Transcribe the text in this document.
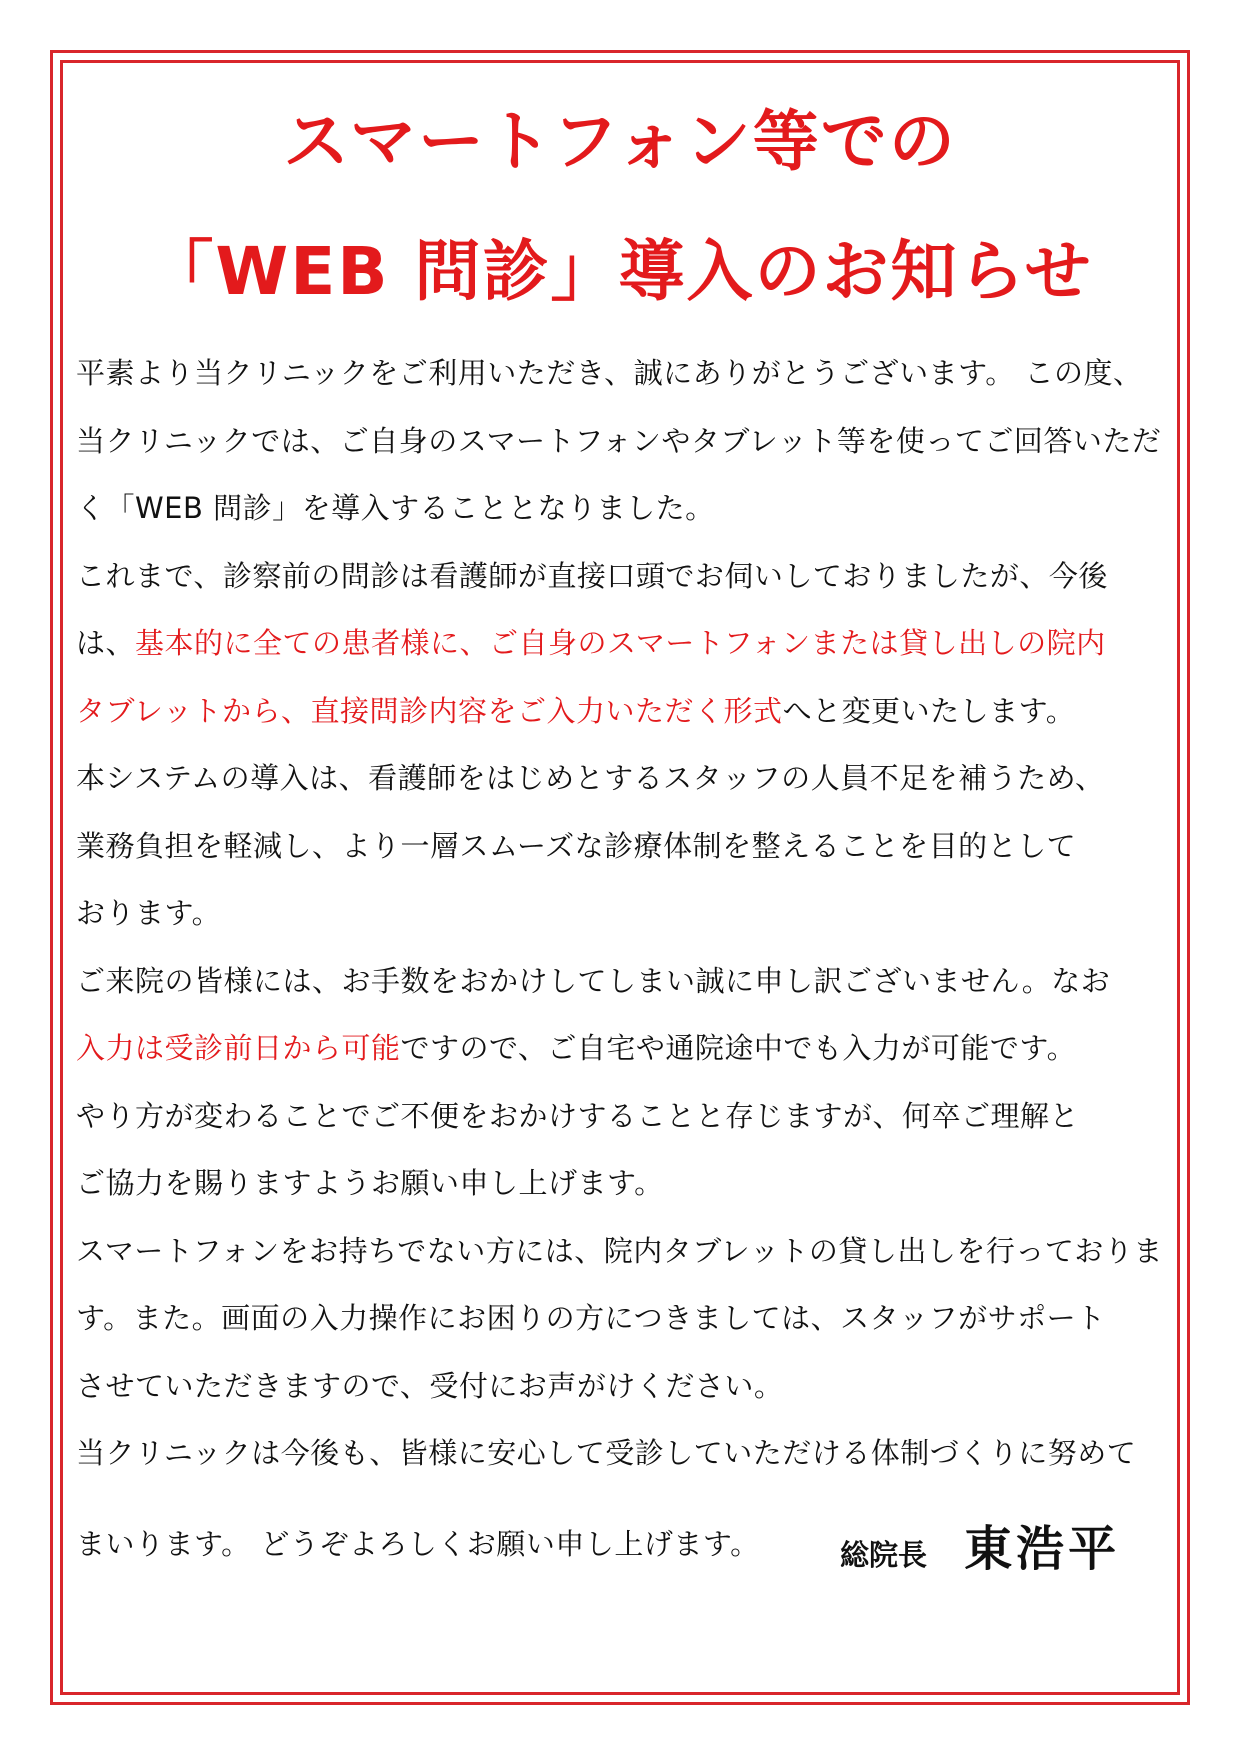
スマートフォン等での
「WEB 問診」導入のお知らせ
平素より当クリニックをご利用いただき、誠にありがとうございます。 この度、
当クリニックでは、ご自身のスマートフォンやタブレット等を使ってご回答いただ
く「WEB 問診」を導入することとなりました。
これまで、診察前の問診は看護師が直接口頭でお伺いしておりましたが、今後
は、基本的に全ての患者様に、ご自身のスマートフォンまたは貸し出しの院内
タブレットから、直接問診内容をご入力いただく形式へと変更いたします。
本システムの導入は、看護師をはじめとするスタッフの人員不足を補うため、
業務負担を軽減し、より一層スムーズな診療体制を整えることを目的として
おります。
ご来院の皆様には、お手数をおかけしてしまい誠に申し訳ございません。なお
入力は受診前日から可能ですので、ご自宅や通院途中でも入力が可能です。
やり方が変わることでご不便をおかけすることと存じますが、何卒ご理解と
ご協力を賜りますようお願い申し上げます。
スマートフォンをお持ちでない方には、院内タブレットの貸し出しを行っておりま
す。また。画面の入力操作にお困りの方につきましては、スタッフがサポート
させていただきますので、受付にお声がけください。
当クリニックは今後も、皆様に安心して受診していただける体制づくりに努めて
まいります。 どうぞよろしくお願い申し上げます。	総院長 東浩平
